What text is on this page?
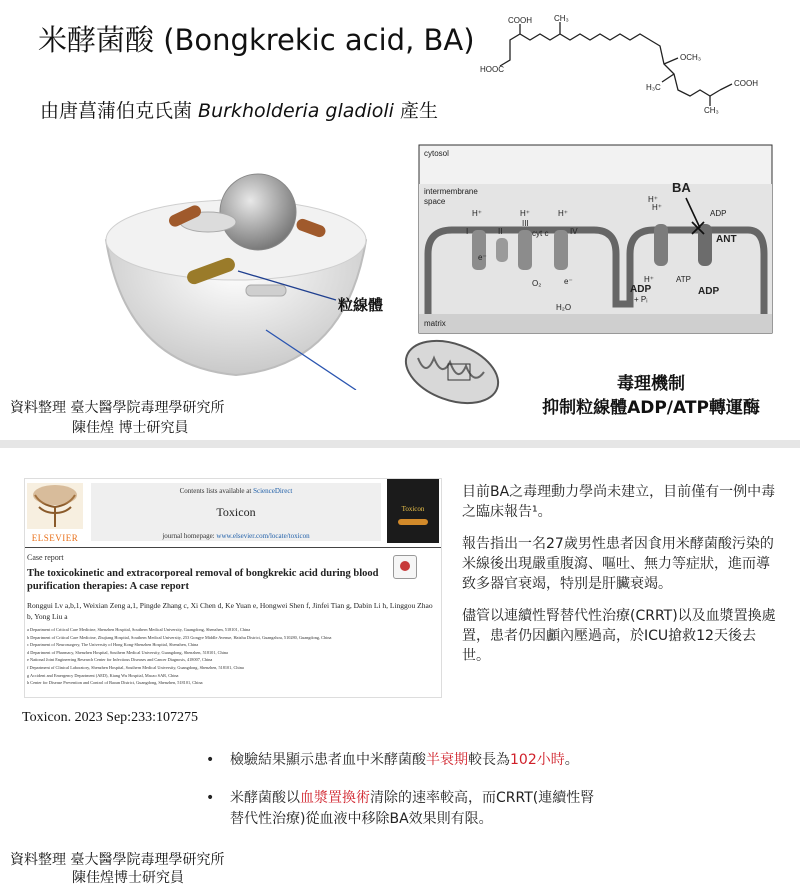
米酵菌酸 (Bongkrekic acid, BA)
由唐菖蒲伯克氏菌 Burkholderia gladioli 產生
COOH	CH₃
HOOC
OCH₃
H₃C	COOH
CH₃
粒線體
cytosol
intermembrane
space
matrix
I	II
III
cyt c	IV
H⁺	H⁺	H⁺
e⁻
e⁻
O₂
H₂O
BA
ANT
ADP
H⁺
H⁺
H⁺	ATP
ADP
+ Pᵢ
ADP
毒理機制
抑制粒線體ADP/ATP轉運酶
資料整理 臺大醫學院毒理學研究所
陳佳煌 博士研究員
ELSEVIER
Contents lists available at ScienceDirect
Toxicon
journal homepage: www.elsevier.com/locate/toxicon
Toxicon
Case report
The toxicokinetic and extracorporeal removal of bongkrekic acid during blood purification therapies: A case report
Ronggui Lv a,b,1, Weixian Zeng a,1, Pingde Zhang c, Xi Chen d, Ke Yuan e, Hongwei Shen f, Jinfei Tian g, Dabin Li h, Linggou Zhao b, Yong Liu a
a Department of Critical Care Medicine, Shenzhen Hospital, Southern Medical University, Guangdong, Shenzhen, 518101, China
b Department of Critical Care Medicine, Zhujiang Hospital, Southern Medical University, 253 Gongye Middle Avenue, Haizhu District, Guangzhou, 510280, Guangdong, China
c Department of Neurosurgery, The University of Hong Kong-Shenzhen Hospital, Shenzhen, China
d Department of Pharmacy, Shenzhen Hospital, Southern Medical University, Guangdong, Shenzhen, 518101, China
e National Joint Engineering Research Center for Infectious Diseases and Cancer Diagnosis, 418007, China
f Department of Clinical Laboratory, Shenzhen Hospital, Southern Medical University, Guangdong, Shenzhen, 518101, China
g Accident and Emergency Department (AED), Kiang Wu Hospital, Macao SAR, China
h Center for Disease Prevention and Control of Baoan District, Guangdong, Shenzhen, 518101, China
Toxicon. 2023 Sep:233:107275
目前BA之毒理動力學尚未建立，目前僅有一例中毒之臨床報告¹。
報告指出一名27歲男性患者因食用米酵菌酸污染的米線後出現嚴重腹瀉、嘔吐、無力等症狀，進而導致多器官衰竭，特別是肝臟衰竭。
儘管以連續性腎替代性治療(CRRT)以及血漿置換處置，患者仍因顱內壓過高，於ICU搶救12天後去世。
• 檢驗結果顯示患者血中米酵菌酸半衰期較長為102小時。
• 米酵菌酸以血漿置換術清除的速率較高，而CRRT(連續性腎替代性治療)從血液中移除BA效果則有限。
資料整理 臺大醫學院毒理學研究所
陳佳煌博士研究員
